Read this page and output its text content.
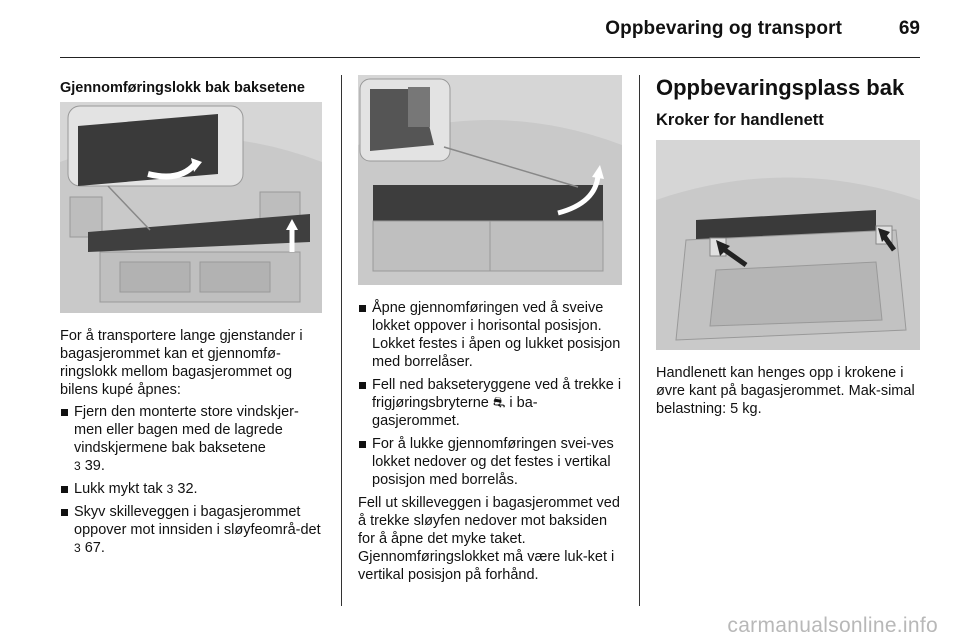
Oppbevaring og transport	69
Gjennomføringslokk bak baksetene

For å transportere lange gjenstander i bagasjerommet kan et gjennomfø-ringslokk mellom bagasjerommet og bilens kupé åpnes:

Fjern den monterte store vindskjer-men eller bagen med de lagrede vindskjermene bak baksetene
3 39.
Lukk mykt tak 3 32.
Skyv skilleveggen i bagasjerommet oppover mot innsiden i sløyfeområ-det 3 67.
Åpne gjennomføringen ved å sveive lokket oppover i horisontal posisjon. Lokket festes i åpen og lukket posisjon med borrelåser.
Fell ned bakseteryggene ved å trekke i frigjøringsbryterne ⛐ i ba-gasjerommet.
For å lukke gjennomføringen svei-ves lokket nedover og det festes i vertikal posisjon med borrelås.

Fell ut skilleveggen i bagasjerommet ved å trekke sløyfen nedover mot baksiden for å åpne det myke taket. Gjennomføringslokket må være luk-ket i vertikal posisjon på forhånd.

Oppbevaringsplass bak
Kroker for handlenett

Handlenett kan henges opp i krokene i øvre kant på bagasjerommet. Mak-simal belastning: 5 kg.

carmanualsonline.info
